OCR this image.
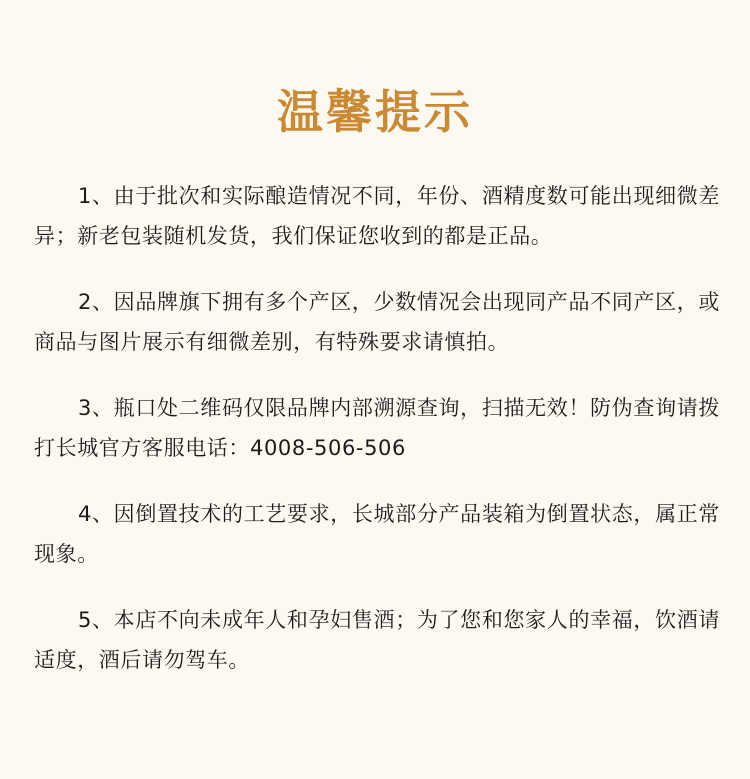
温馨提示

1、由于批次和实际酿造情况不同，年份、酒精度数可能出现细微差异；新老包装随机发货，我们保证您收到的都是正品。

2、因品牌旗下拥有多个产区，少数情况会出现同产品不同产区，或商品与图片展示有细微差别，有特殊要求请慎拍。

3、瓶口处二维码仅限品牌内部溯源查询，扫描无效！防伪查询请拨打长城官方客服电话：4008-506-506

4、因倒置技术的工艺要求，长城部分产品装箱为倒置状态，属正常现象。

5、本店不向未成年人和孕妇售酒；为了您和您家人的幸福，饮酒请适度，酒后请勿驾车。
